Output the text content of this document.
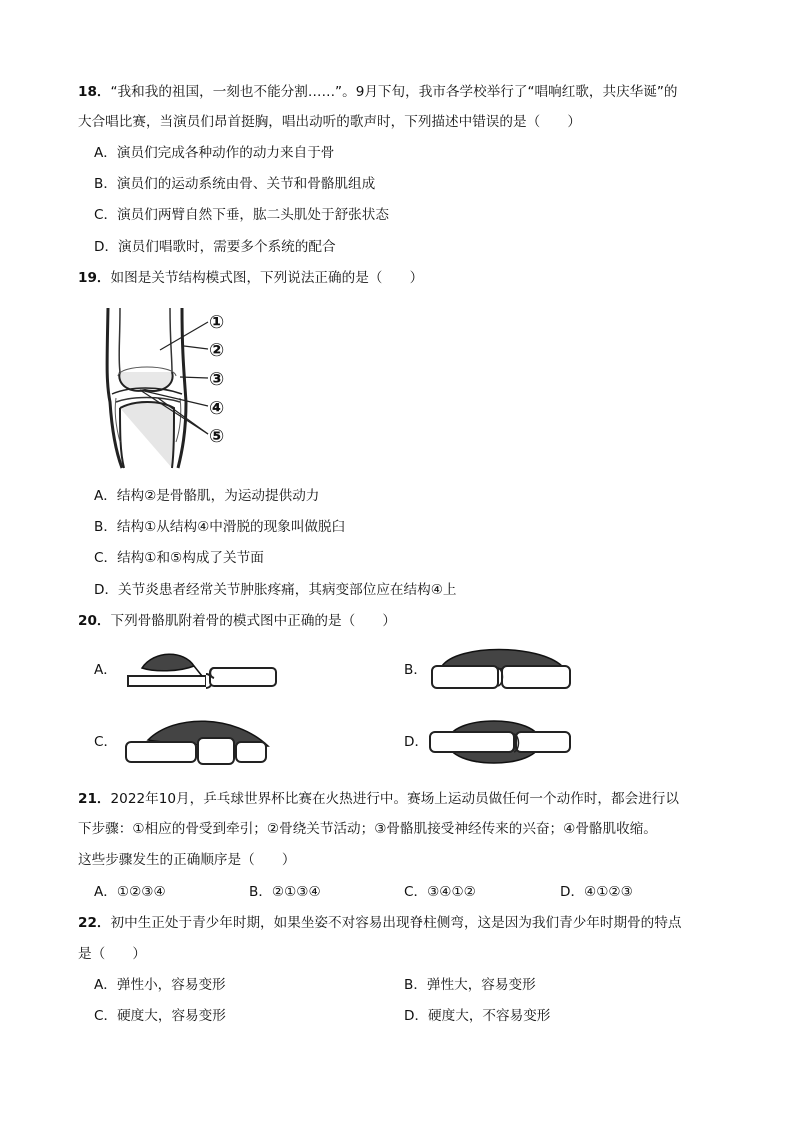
18．“我和我的祖国，一刻也不能分割……”。9月下旬，我市各学校举行了“唱响红歌，共庆华诞”的
大合唱比赛，当演员们昂首挺胸，唱出动听的歌声时，下列描述中错误的是（　　）
A．演员们完成各种动作的动力来自于骨
B．演员们的运动系统由骨、关节和骨骼肌组成
C．演员们两臂自然下垂，肱二头肌处于舒张状态
D．演员们唱歌时，需要多个系统的配合
19．如图是关节结构模式图，下列说法正确的是（　　）
①
②
③
④
⑤
A．结构②是骨骼肌，为运动提供动力
B．结构①从结构④中滑脱的现象叫做脱臼
C．结构①和⑤构成了关节面
D．关节炎患者经常关节肿胀疼痛，其病变部位应在结构④上
20．下列骨骼肌附着骨的模式图中正确的是（　　）
A．	B．
C．	D．
21．2022年10月，乒乓球世界杯比赛在火热进行中。赛场上运动员做任何一个动作时，都会进行以
下步骤：①相应的骨受到牵引；②骨绕关节活动；③骨骼肌接受神经传来的兴奋；④骨骼肌收缩。
这些步骤发生的正确顺序是（　　）
A．①②③④	B．②①③④	C．③④①②	D．④①②③
22．初中生正处于青少年时期，如果坐姿不对容易出现脊柱侧弯，这是因为我们青少年时期骨的特点
是（　　）
A．弹性小，容易变形	B．弹性大，容易变形
C．硬度大，容易变形	D．硬度大，不容易变形
